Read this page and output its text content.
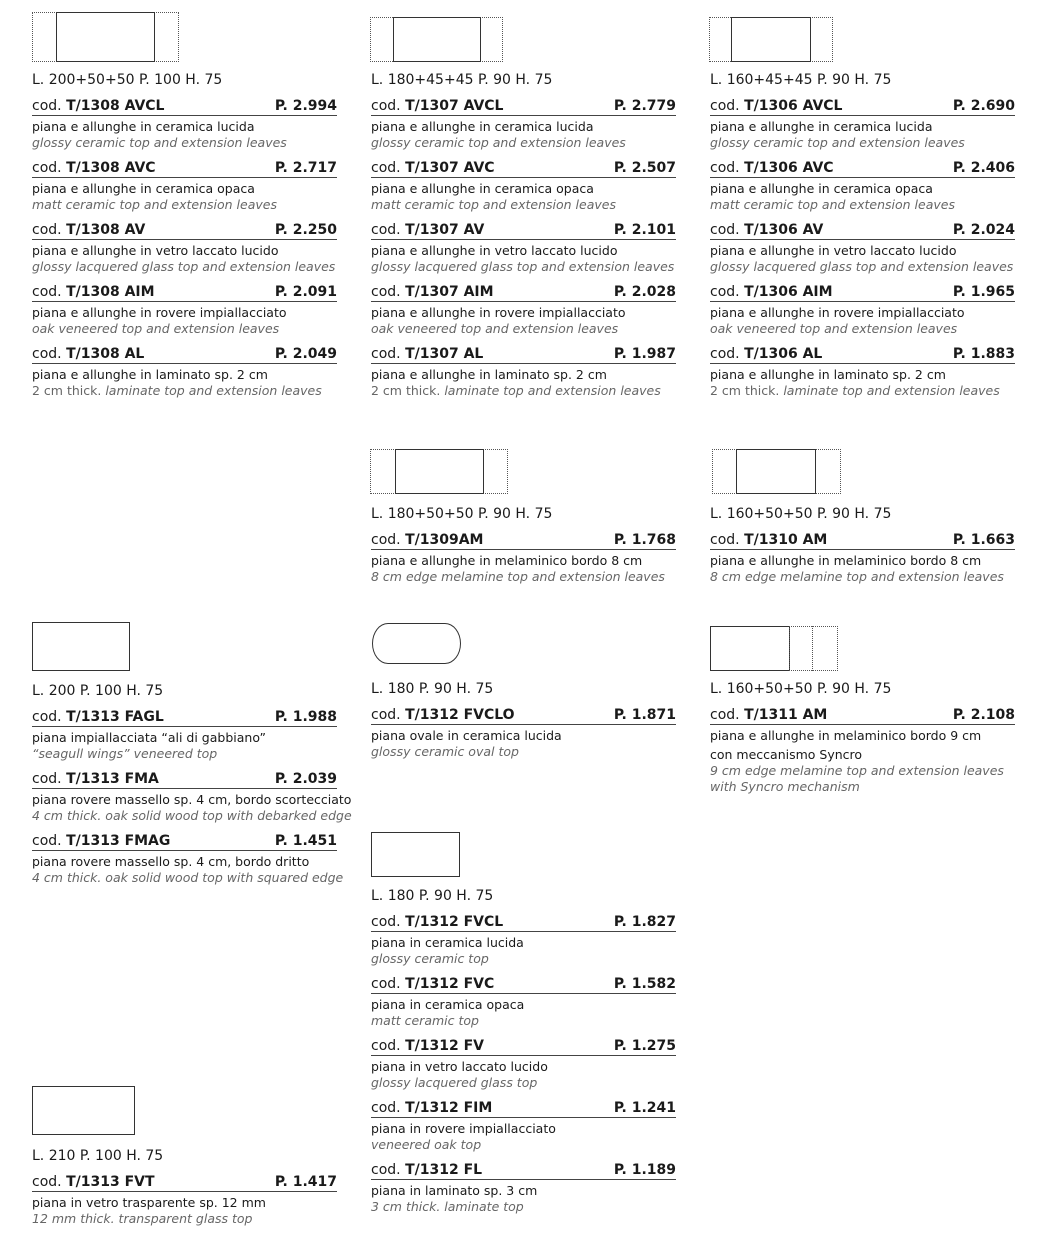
L. 200+50+50 P. 100 H. 75
cod. T/1308 AVCL	P. 2.994
piana e allunghe in ceramica lucida
glossy ceramic top and extension leaves
cod. T/1308 AVC	P. 2.717
piana e allunghe in ceramica opaca
matt ceramic top and extension leaves
cod. T/1308 AV	P. 2.250
piana e allunghe in vetro laccato lucido
glossy lacquered glass top and extension leaves
cod. T/1308 AIM	P. 2.091
piana e allunghe in rovere impiallacciato
oak veneered top and extension leaves
cod. T/1308 AL	P. 2.049
piana e allunghe in laminato sp. 2 cm
2 cm thick. laminate top and extension leaves
L. 180+45+45 P. 90 H. 75
cod. T/1307 AVCL	P. 2.779
piana e allunghe in ceramica lucida
glossy ceramic top and extension leaves
cod. T/1307 AVC	P. 2.507
piana e allunghe in ceramica opaca
matt ceramic top and extension leaves
cod. T/1307 AV	P. 2.101
piana e allunghe in vetro laccato lucido
glossy lacquered glass top and extension leaves
cod. T/1307 AIM	P. 2.028
piana e allunghe in rovere impiallacciato
oak veneered top and extension leaves
cod. T/1307 AL	P. 1.987
piana e allunghe in laminato sp. 2 cm
2 cm thick. laminate top and extension leaves
L. 160+45+45 P. 90 H. 75
cod. T/1306 AVCL	P. 2.690
piana e allunghe in ceramica lucida
glossy ceramic top and extension leaves
cod. T/1306 AVC	P. 2.406
piana e allunghe in ceramica opaca
matt ceramic top and extension leaves
cod. T/1306 AV	P. 2.024
piana e allunghe in vetro laccato lucido
glossy lacquered glass top and extension leaves
cod. T/1306 AIM	P. 1.965
piana e allunghe in rovere impiallacciato
oak veneered top and extension leaves
cod. T/1306 AL	P. 1.883
piana e allunghe in laminato sp. 2 cm
2 cm thick. laminate top and extension leaves
L. 180+50+50 P. 90 H. 75
cod. T/1309AM	P. 1.768
piana e allunghe in melaminico bordo 8 cm
8 cm edge melamine top and extension leaves
L. 160+50+50 P. 90 H. 75
cod. T/1310 AM	P. 1.663
piana e allunghe in melaminico bordo 8 cm
8 cm edge melamine top and extension leaves
L. 200 P. 100 H. 75
cod. T/1313 FAGL	P. 1.988
piana impiallacciata “ali di gabbiano”
“seagull wings” veneered top
cod. T/1313 FMA	P. 2.039
piana rovere massello sp. 4 cm, bordo scortecciato
4 cm thick. oak solid wood top with debarked edge
cod. T/1313 FMAG	P. 1.451
piana rovere massello sp. 4 cm, bordo dritto
4 cm thick. oak solid wood top with squared edge
L. 180 P. 90 H. 75
cod. T/1312 FVCLO	P. 1.871
piana ovale in ceramica lucida
glossy ceramic oval top
L. 160+50+50 P. 90 H. 75
cod. T/1311 AM	P. 2.108
piana e allunghe in melaminico bordo 9 cm
con meccanismo Syncro
9 cm edge melamine top and extension leaves
with Syncro mechanism
L. 180 P. 90 H. 75
cod. T/1312 FVCL	P. 1.827
piana in ceramica lucida
glossy ceramic top
cod. T/1312 FVC	P. 1.582
piana in ceramica opaca
matt ceramic top
cod. T/1312 FV	P. 1.275
piana in vetro laccato lucido
glossy lacquered glass top
cod. T/1312 FIM	P. 1.241
piana in rovere impiallacciato
veneered oak top
cod. T/1312 FL	P. 1.189
piana in laminato sp. 3 cm
3 cm thick. laminate top
L. 210 P. 100 H. 75
cod. T/1313 FVT	P. 1.417
piana in vetro trasparente sp. 12 mm
12 mm thick. transparent glass top
